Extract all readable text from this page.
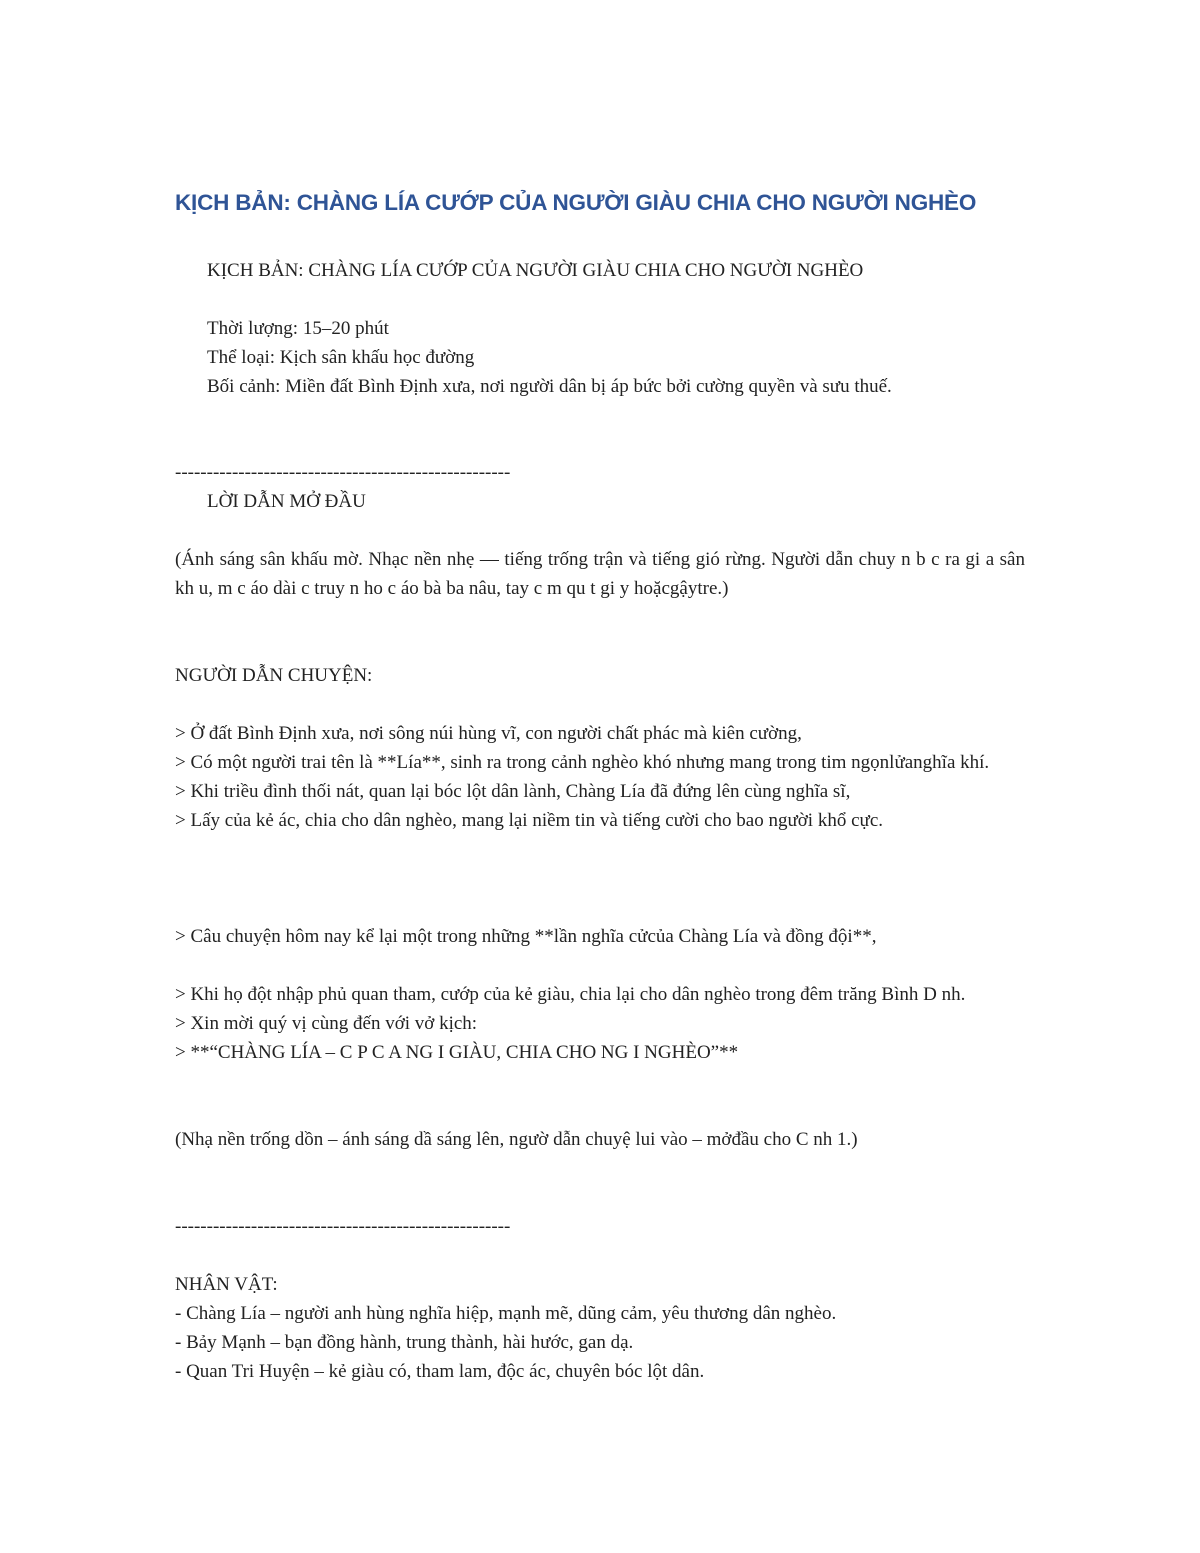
KỊCH BẢN: CHÀNG LÍA CƯỚP CỦA NGƯỜI GIÀU CHIA CHO NGƯỜI NGHÈO
KỊCH BẢN: CHÀNG LÍA CƯỚP CỦA NGƯỜI GIÀU CHIA CHO NGƯỜI NGHÈO
Thời lượng: 15–20 phút
Thể loại: Kịch sân khấu học đường
Bối cảnh: Miền đất Bình Định xưa, nơi người dân bị áp bức bởi cường quyền và sưu thuế.
-----------------------------------------------------
LỜI DẪN MỞ ĐẦU
(Ánh sáng sân khấu mờ. Nhạc nền nhẹ — tiếng trống trận và tiếng gió rừng. Người dẫn chuy n b c ra gi a sân kh u, m c áo dài c truy n ho c áo bà ba nâu, tay c m qu t gi y hoặcgậytre.)
NGƯỜI DẪN CHUYỆN:
> Ở đất Bình Định xưa, nơi sông núi hùng vĩ, con người chất phác mà kiên cường,
> Có một người trai tên là **Lía**, sinh ra trong cảnh nghèo khó nhưng mang trong tim ngọnlửanghĩa khí.
> Khi triều đình thối nát, quan lại bóc lột dân lành, Chàng Lía đã đứng lên cùng nghĩa sĩ,
> Lấy của kẻ ác, chia cho dân nghèo, mang lại niềm tin và tiếng cười cho bao người khổ cực.
> Câu chuyện hôm nay kể lại một trong những **lần nghĩa cửcủa Chàng Lía và đồng đội**,
> Khi họ đột nhập phủ quan tham, cướp của kẻ giàu, chia lại cho dân nghèo trong đêm trăng Bình D nh.
> Xin mời quý vị cùng đến với vở kịch:
> **“CHÀNG LÍA – C P C A NG I GIÀU, CHIA CHO NG I NGHÈO”**
(Nhạ nền trống dồn – ánh sáng dầ sáng lên, ngườ dẫn chuyệ lui vào – mởđầu cho C nh 1.)
-----------------------------------------------------
NHÂN VẬT:
- Chàng Lía – người anh hùng nghĩa hiệp, mạnh mẽ, dũng cảm, yêu thương dân nghèo.
- Bảy Mạnh – bạn đồng hành, trung thành, hài hước, gan dạ.
- Quan Tri Huyện – kẻ giàu có, tham lam, độc ác, chuyên bóc lột dân.
